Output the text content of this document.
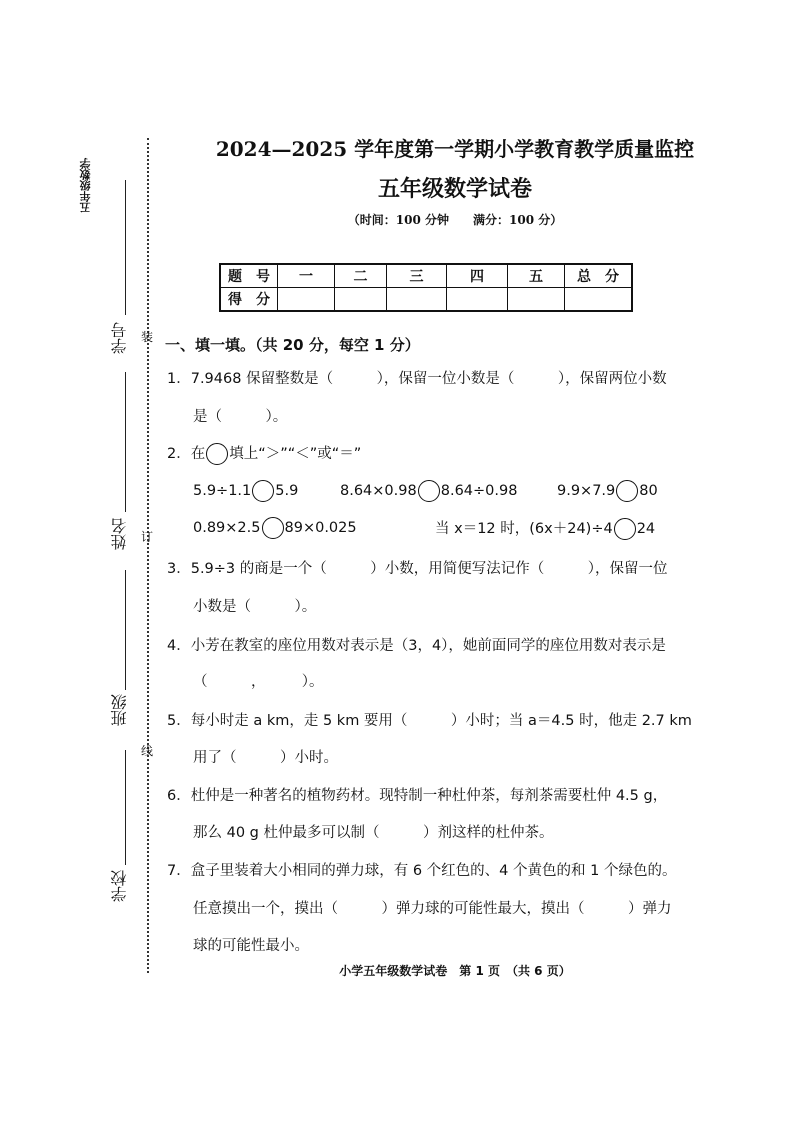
五年级数学
学号
姓名
班级
学校
装
订
线
2024—2025 学年度第一学期小学教育教学质量监控
五年级数学试卷
（时间：100 分钟　　满分：100 分）
题　号	一	二	三	四	五	总　分
得　分						
一、填一填。（共 20 分，每空 1 分）
1．7.9468 保留整数是（　　　），保留一位小数是（　　　），保留两位小数
是（　　　）。
2．在 填上“＞”“＜”或“＝”
5.9÷1.1 5.9	8.64×0.98 8.64÷0.98	9.9×7.9 80
0.89×2.5 89×0.025	当 x＝12 时，(6x＋24)÷4 24
3．5.9÷3 的商是一个（　　　）小数，用简便写法记作（　　　），保留一位
小数是（　　　）。
4．小芳在教室的座位用数对表示是（3，4），她前面同学的座位用数对表示是
（　　　，　　　）。
5．每小时走 a km，走 5 km 要用（　　　）小时；当 a＝4.5 时，他走 2.7 km
用了（　　　）小时。
6．杜仲是一种著名的植物药材。现特制一种杜仲茶，每剂茶需要杜仲 4.5 g，
那么 40 g 杜仲最多可以制（　　　）剂这样的杜仲茶。
7．盒子里装着大小相同的弹力球，有 6 个红色的、4 个黄色的和 1 个绿色的。
任意摸出一个，摸出（　　　）弹力球的可能性最大，摸出（　　　）弹力
球的可能性最小。
小学五年级数学试卷　第 1 页　（共 6 页）
